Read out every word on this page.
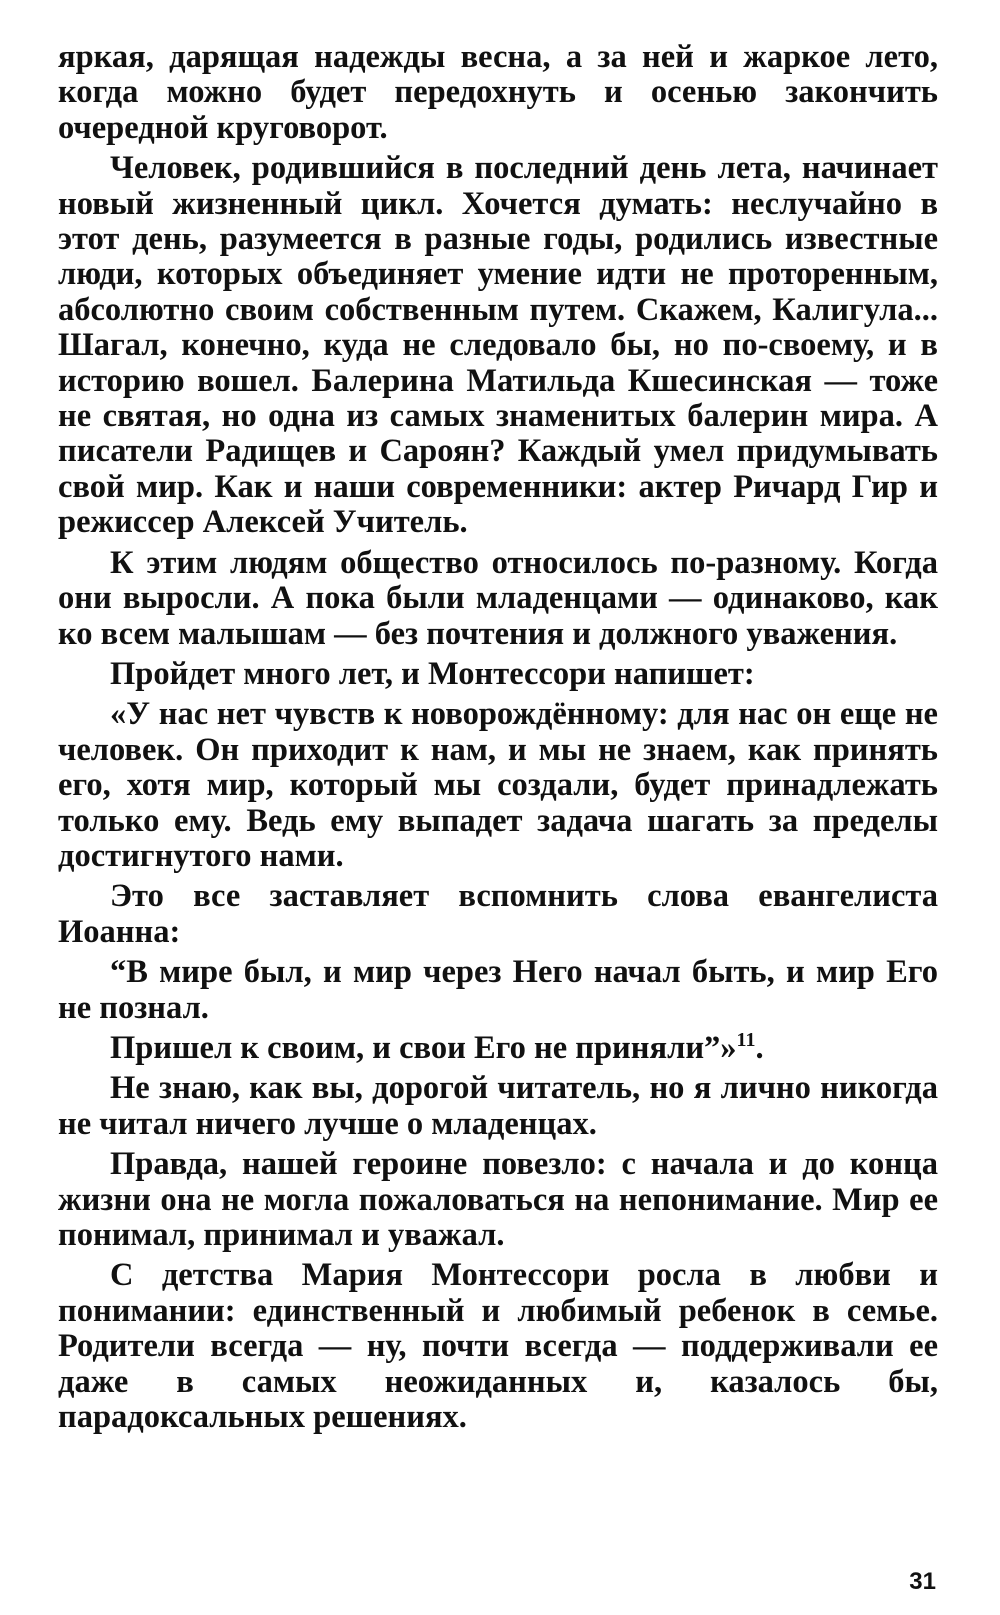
яркая, дарящая надежды весна, а за ней и жаркое лето, когда можно будет передохнуть и осенью закончить очередной круговорот.

Человек, родившийся в последний день лета, начинает новый жизненный цикл. Хочется думать: неслучайно в этот день, разумеется в разные годы, родились известные люди, которых объединяет умение идти не проторенным, абсолютно своим собственным путем. Скажем, Калигула... Шагал, конечно, куда не следовало бы, но по-своему, и в историю вошел. Балерина Матильда Кшесинская — тоже не святая, но одна из самых знаменитых балерин мира. А писатели Радищев и Сароян? Каждый умел придумывать свой мир. Как и наши современники: актер Ричард Гир и режиссер Алексей Учитель.

К этим людям общество относилось по-разному. Когда они выросли. А пока были младенцами — одинаково, как ко всем малышам — без почтения и должного уважения.

Пройдет много лет, и Монтессори напишет:

«У нас нет чувств к новорождённому: для нас он еще не человек. Он приходит к нам, и мы не знаем, как принять его, хотя мир, который мы создали, будет принадлежать только ему. Ведь ему выпадет задача шагать за пределы достигнутого нами.

Это все заставляет вспомнить слова евангелиста Иоанна:

“В мире был, и мир через Него начал быть, и мир Его не познал.

Пришел к своим, и свои Его не приняли”»$^{11}$.

Не знаю, как вы, дорогой читатель, но я лично никогда не читал ничего лучше о младенцах.

Правда, нашей героине повезло: с начала и до конца жизни она не могла пожаловаться на непонимание. Мир ее понимал, принимал и уважал.

С детства Мария Монтессори росла в любви и понимании: единственный и любимый ребенок в семье. Родители всегда — ну, почти всегда — поддерживали ее даже в самых неожиданных и, казалось бы, парадоксальных решениях.

31
